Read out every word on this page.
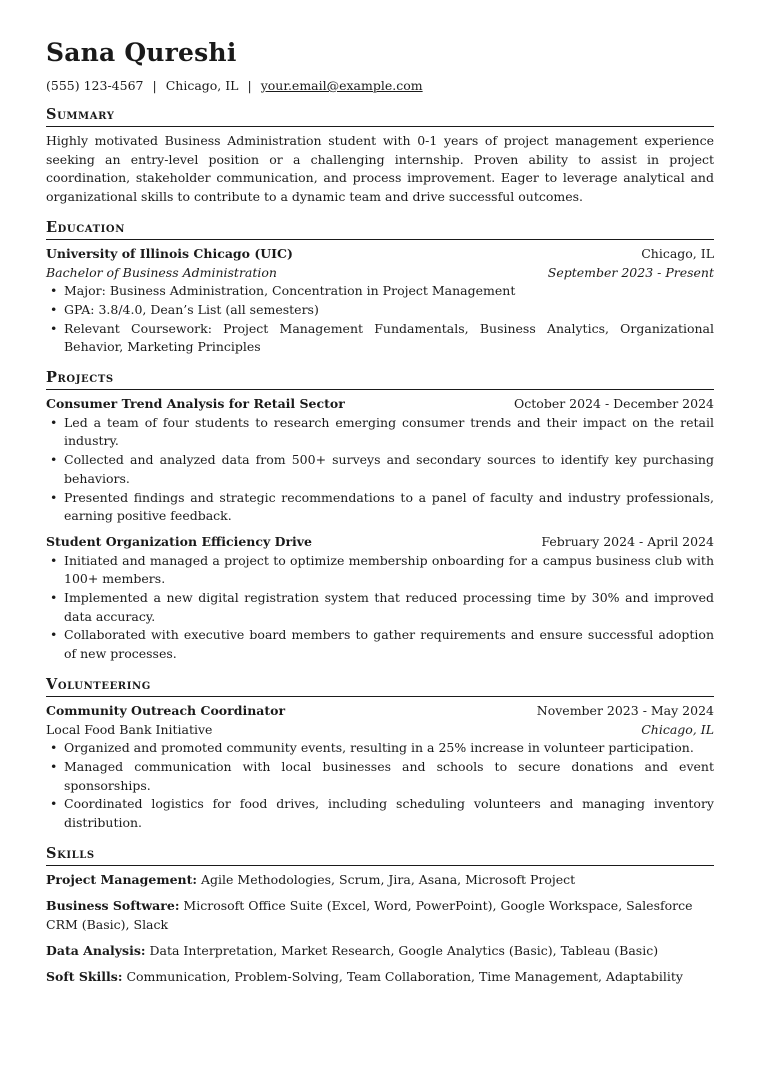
Sana Qureshi
(555) 123-4567 | Chicago, IL | your.email@example.com
Summary

Highly motivated Business Administration student with 0-1 years of project management experience seeking an entry-level position or a challenging internship. Proven ability to assist in project coordination, stakeholder communication, and process improvement. Eager to leverage analytical and organizational skills to contribute to a dynamic team and drive successful outcomes.

Education
University of Illinois Chicago (UIC)	Chicago, IL
Bachelor of Business Administration	September 2023 - Present
• Major: Business Administration, Concentration in Project Management
• GPA: 3.8/4.0, Dean’s List (all semesters)
• Relevant Coursework: Project Management Fundamentals, Business Analytics, Organizational Behavior, Marketing Principles
Projects
Consumer Trend Analysis for Retail Sector	October 2024 - December 2024
• Led a team of four students to research emerging consumer trends and their impact on the retail industry.
• Collected and analyzed data from 500+ surveys and secondary sources to identify key purchasing behaviors.
• Presented findings and strategic recommendations to a panel of faculty and industry professionals, earning positive feedback.
Student Organization Efficiency Drive	February 2024 - April 2024
• Initiated and managed a project to optimize membership onboarding for a campus business club with 100+ members.
• Implemented a new digital registration system that reduced processing time by 30% and improved data accuracy.
• Collaborated with executive board members to gather requirements and ensure successful adoption of new processes.
Volunteering
Community Outreach Coordinator	November 2023 - May 2024
Local Food Bank Initiative	Chicago, IL
• Organized and promoted community events, resulting in a 25% increase in volunteer participation.
• Managed communication with local businesses and schools to secure donations and event sponsorships.
• Coordinated logistics for food drives, including scheduling volunteers and managing inventory distribution.
Skills
Project Management: Agile Methodologies, Scrum, Jira, Asana, Microsoft Project
Business Software: Microsoft Office Suite (Excel, Word, PowerPoint), Google Workspace, Salesforce CRM (Basic), Slack
Data Analysis: Data Interpretation, Market Research, Google Analytics (Basic), Tableau (Basic)
Soft Skills: Communication, Problem-Solving, Team Collaboration, Time Management, Adaptability
